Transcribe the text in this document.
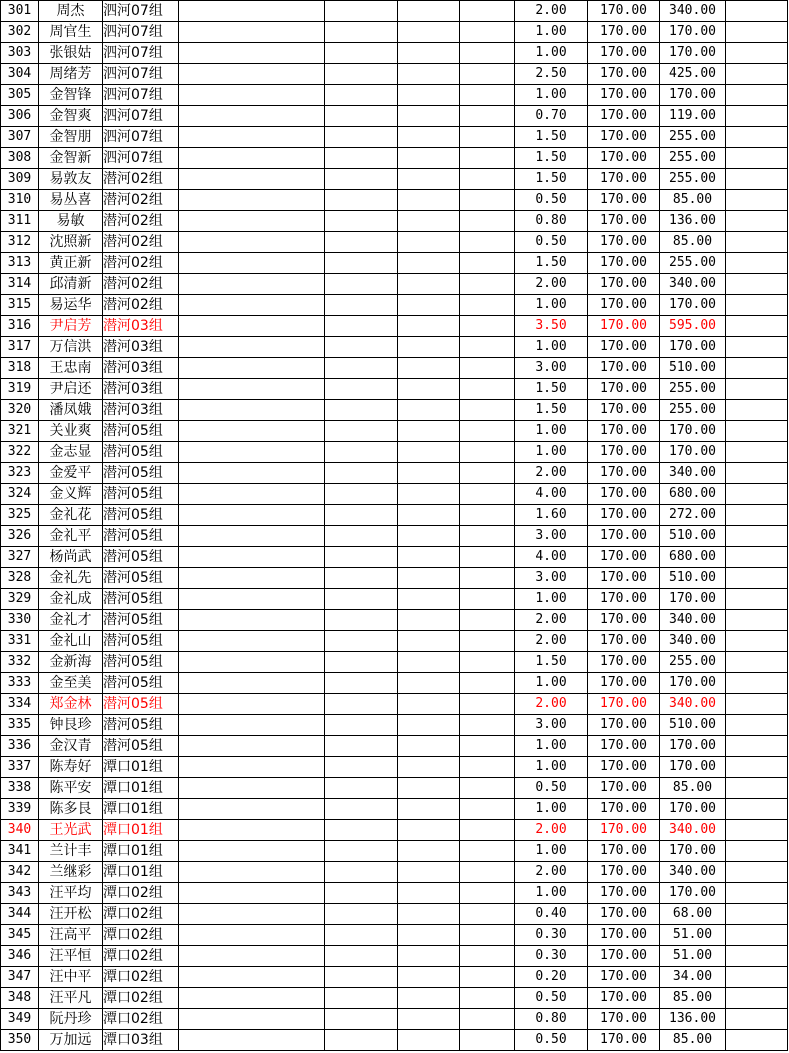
301	周杰	泗河07组					2.00	170.00	340.00	
302	周官生	泗河07组					1.00	170.00	170.00	
303	张银姑	泗河07组					1.00	170.00	170.00	
304	周绪芳	泗河07组					2.50	170.00	425.00	
305	金智锋	泗河07组					1.00	170.00	170.00	
306	金智爽	泗河07组					0.70	170.00	119.00	
307	金智朋	泗河07组					1.50	170.00	255.00	
308	金智新	泗河07组					1.50	170.00	255.00	
309	易敦友	潜河02组					1.50	170.00	255.00	
310	易丛喜	潜河02组					0.50	170.00	85.00	
311	易敏	潜河02组					0.80	170.00	136.00	
312	沈照新	潜河02组					0.50	170.00	85.00	
313	黄正新	潜河02组					1.50	170.00	255.00	
314	邱清新	潜河02组					2.00	170.00	340.00	
315	易运华	潜河02组					1.00	170.00	170.00	
316	尹启芳	潜河03组					3.50	170.00	595.00	
317	万信洪	潜河03组					1.00	170.00	170.00	
318	王忠南	潜河03组					3.00	170.00	510.00	
319	尹启还	潜河03组					1.50	170.00	255.00	
320	潘凤娥	潜河03组					1.50	170.00	255.00	
321	关业爽	潜河05组					1.00	170.00	170.00	
322	金志显	潜河05组					1.00	170.00	170.00	
323	金爱平	潜河05组					2.00	170.00	340.00	
324	金义辉	潜河05组					4.00	170.00	680.00	
325	金礼花	潜河05组					1.60	170.00	272.00	
326	金礼平	潜河05组					3.00	170.00	510.00	
327	杨尚武	潜河05组					4.00	170.00	680.00	
328	金礼先	潜河05组					3.00	170.00	510.00	
329	金礼成	潜河05组					1.00	170.00	170.00	
330	金礼才	潜河05组					2.00	170.00	340.00	
331	金礼山	潜河05组					2.00	170.00	340.00	
332	金新海	潜河05组					1.50	170.00	255.00	
333	金至美	潜河05组					1.00	170.00	170.00	
334	郑金林	潜河05组					2.00	170.00	340.00	
335	钟艮珍	潜河05组					3.00	170.00	510.00	
336	金汉青	潜河05组					1.00	170.00	170.00	
337	陈寿好	潭口01组					1.00	170.00	170.00	
338	陈平安	潭口01组					0.50	170.00	85.00	
339	陈多艮	潭口01组					1.00	170.00	170.00	
340	王光武	潭口01组					2.00	170.00	340.00	
341	兰计丰	潭口01组					1.00	170.00	170.00	
342	兰继彩	潭口01组					2.00	170.00	340.00	
343	汪平均	潭口02组					1.00	170.00	170.00	
344	汪开松	潭口02组					0.40	170.00	68.00	
345	汪高平	潭口02组					0.30	170.00	51.00	
346	汪平恒	潭口02组					0.30	170.00	51.00	
347	汪中平	潭口02组					0.20	170.00	34.00	
348	汪平凡	潭口02组					0.50	170.00	85.00	
349	阮丹珍	潭口02组					0.80	170.00	136.00	
350	万加远	潭口03组					0.50	170.00	85.00	
